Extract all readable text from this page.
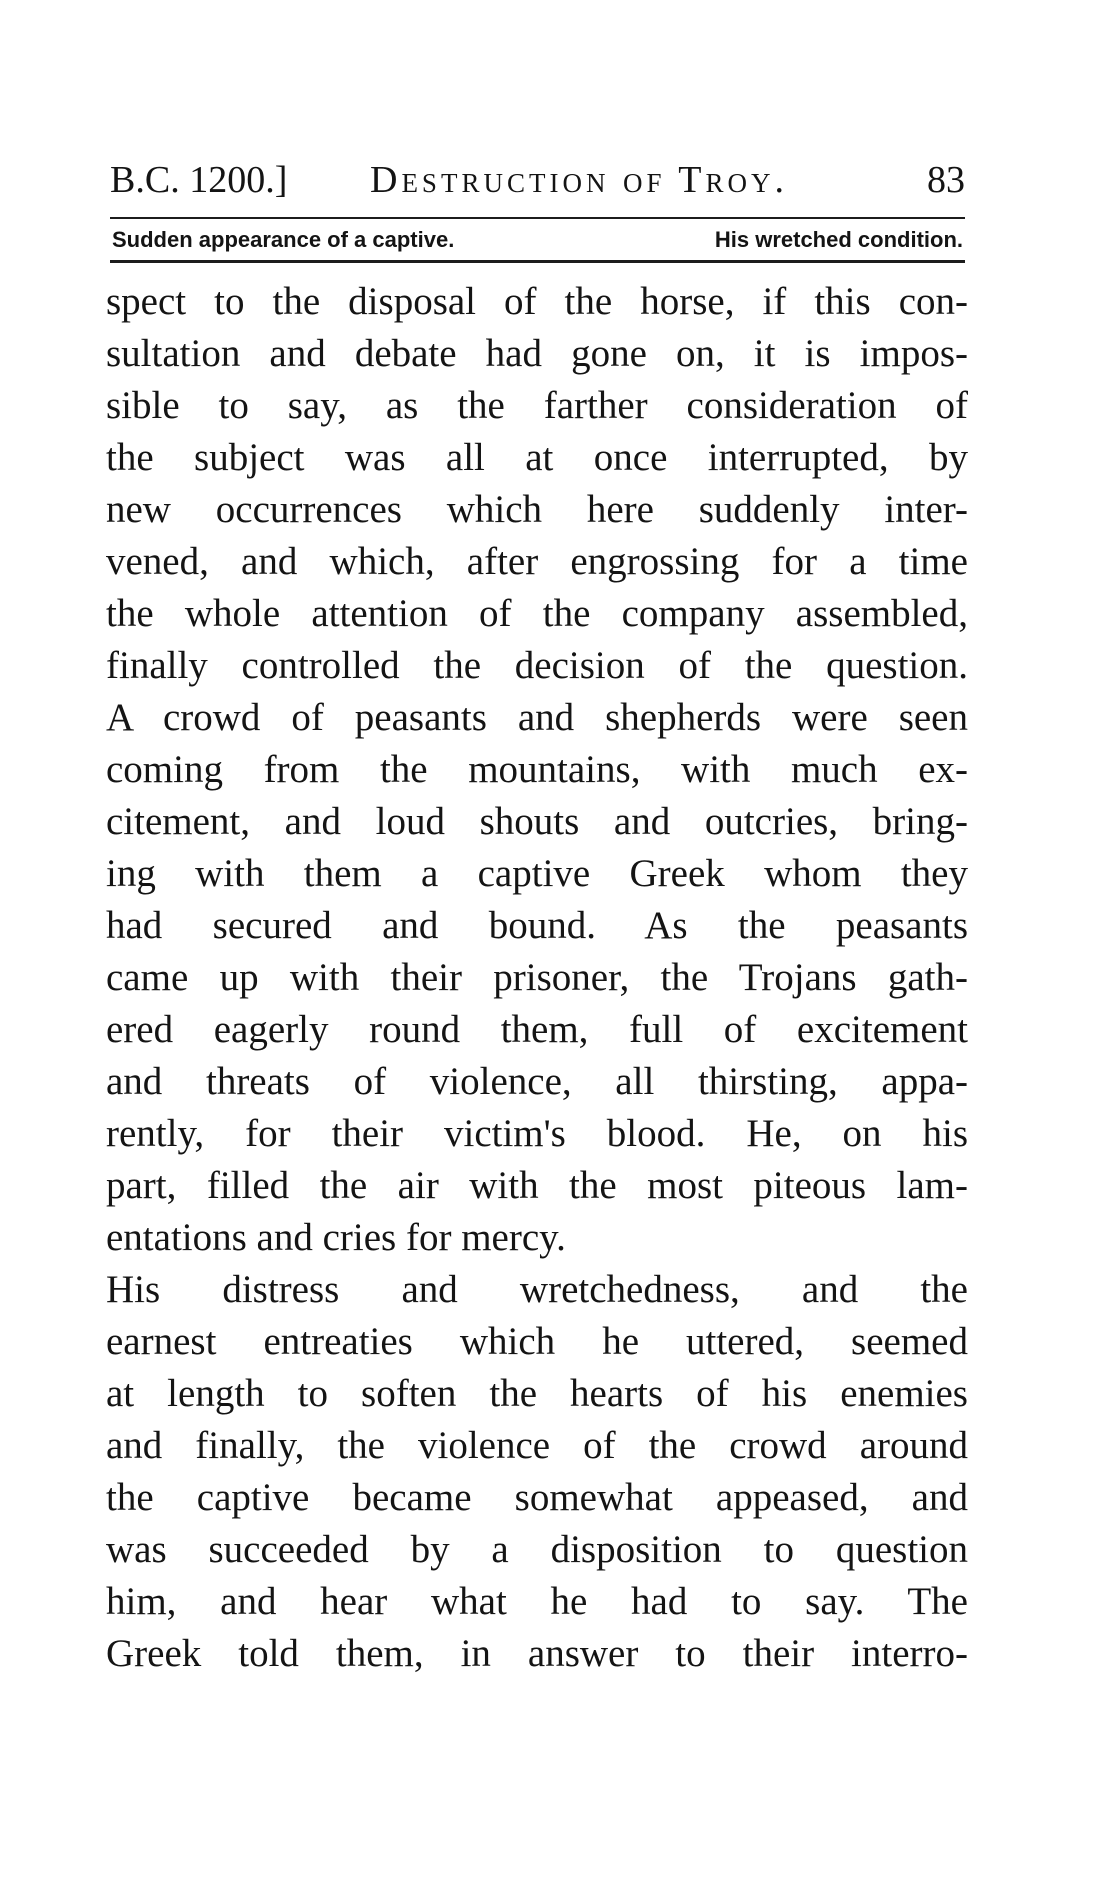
B.C. 1200.] Destruction of Troy.	83
Sudden appearance of a captive.	His wretched condition.
spect to the disposal of the horse, if this con-
sultation and debate had gone on, it is impos-
sible to say, as the farther consideration of
the subject was all at once interrupted, by
new occurrences which here suddenly inter-
vened, and which, after engrossing for a time
the whole attention of the company assembled,
finally controlled the decision of the question.
A crowd of peasants and shepherds were seen
coming from the mountains, with much ex-
citement, and loud shouts and outcries, bring-
ing with them a captive Greek whom they
had secured and bound. As the peasants
came up with their prisoner, the Trojans gath-
ered eagerly round them, full of excitement
and threats of violence, all thirsting, appa-
rently, for their victim's blood. He, on his
part, filled the air with the most piteous lam-
entations and cries for mercy.
His distress and wretchedness, and the
earnest entreaties which he uttered, seemed
at length to soften the hearts of his enemies
and finally, the violence of the crowd around
the captive became somewhat appeased, and
was succeeded by a disposition to question
him, and hear what he had to say. The
Greek told them, in answer to their interro-
